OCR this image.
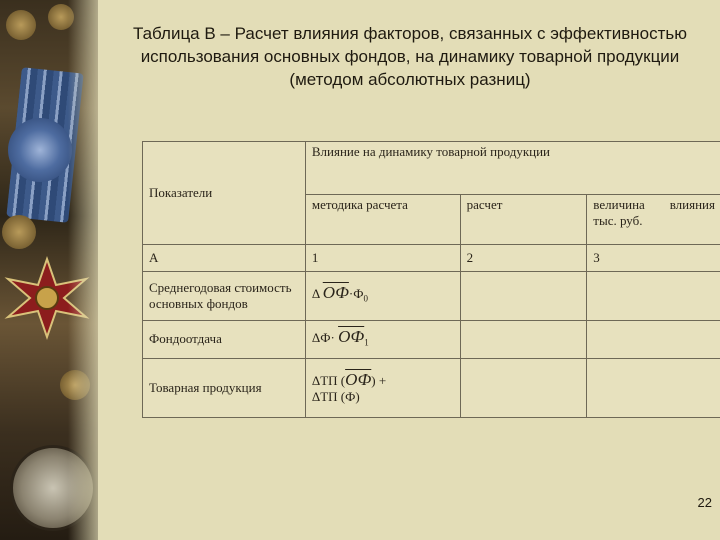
Таблица В – Расчет влияния факторов, связанных с эффективностью использования основных фондов, на динамику товарной продукции (методом абсолютных разниц)
Показатели	Влияние на динамику товарной продукции		
	методика расчета	расчет	величина влияния
тыс. руб.

А	1	2	3
Среднегодовая стоимость основных фондов	Δ $ОФ\cdot Ф_0$		
Фондоотдача	$\Delta Ф\cdot ОФ_1$		
Товарная продукция	ΔТП (ОФ) +
ΔТП (Ф)		

22
